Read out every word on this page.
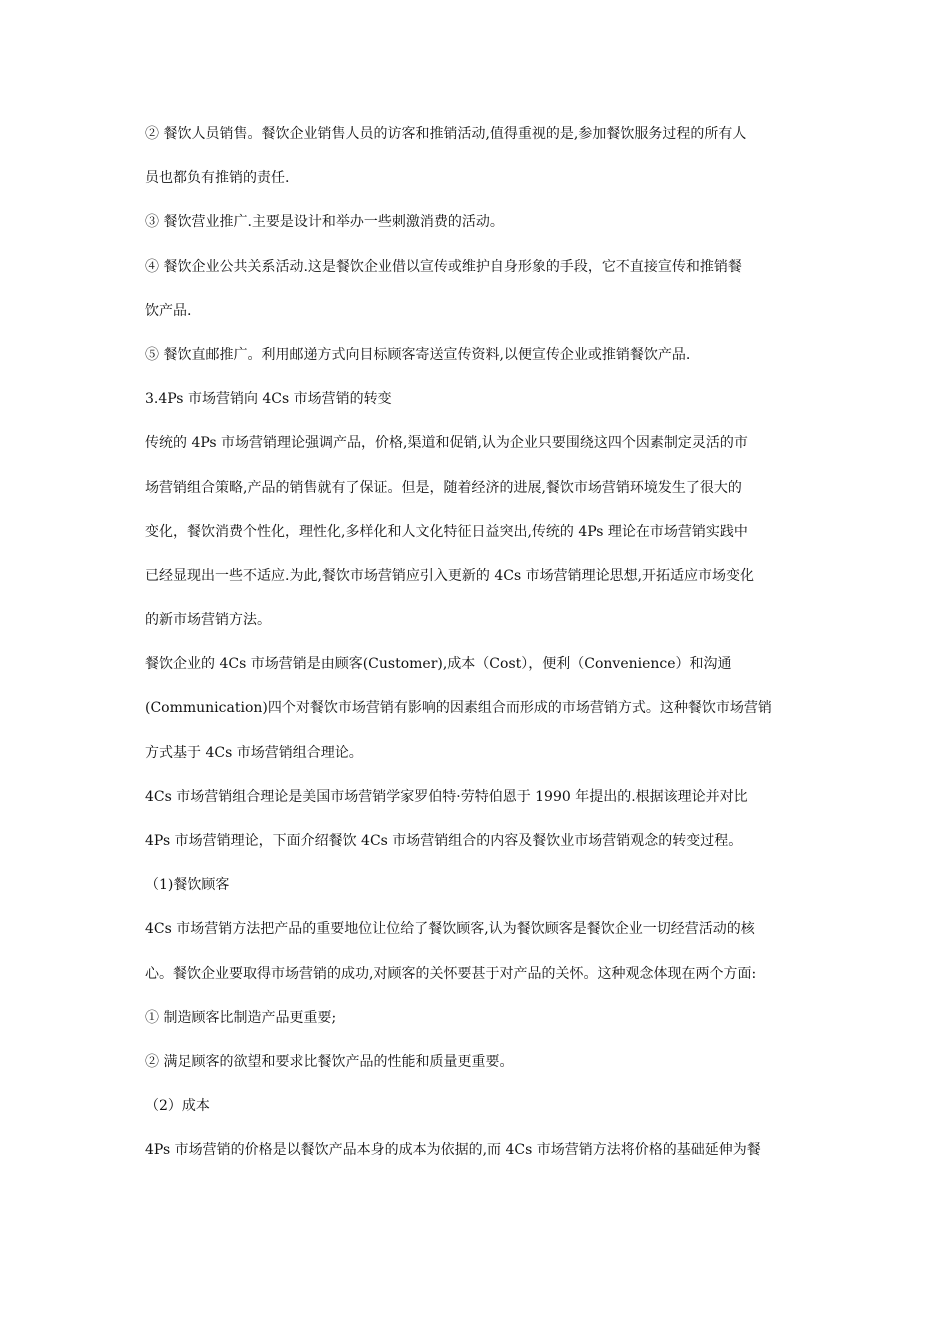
② 餐饮人员销售。餐饮企业销售人员的访客和推销活动,值得重视的是,参加餐饮服务过程的所有人

员也都负有推销的责任.

③ 餐饮营业推广.主要是设计和举办一些刺激消费的活动。

④ 餐饮企业公共关系活动.这是餐饮企业借以宣传或维护自身形象的手段，它不直接宣传和推销餐

饮产品.

⑤ 餐饮直邮推广。利用邮递方式向目标顾客寄送宣传资料,以便宣传企业或推销餐饮产品.

3.4Ps 市场营销向 4Cs 市场营销的转变

传统的 4Ps 市场营销理论强调产品，价格,渠道和促销,认为企业只要围绕这四个因素制定灵活的市

场营销组合策略,产品的销售就有了保证。但是，随着经济的进展,餐饮市场营销环境发生了很大的

变化，餐饮消费个性化，理性化,多样化和人文化特征日益突出,传统的 4Ps 理论在市场营销实践中

已经显现出一些不适应.为此,餐饮市场营销应引入更新的 4Cs 市场营销理论思想,开拓适应市场变化

的新市场营销方法。

餐饮企业的 4Cs 市场营销是由顾客(Customer),成本（Cost），便利（Convenience）和沟通

(Communication)四个对餐饮市场营销有影响的因素组合而形成的市场营销方式。这种餐饮市场营销

方式基于 4Cs 市场营销组合理论。

4Cs 市场营销组合理论是美国市场营销学家罗伯特·劳特伯恩于 1990 年提出的.根据该理论并对比

4Ps 市场营销理论，下面介绍餐饮 4Cs 市场营销组合的内容及餐饮业市场营销观念的转变过程。

（1)餐饮顾客

4Cs 市场营销方法把产品的重要地位让位给了餐饮顾客,认为餐饮顾客是餐饮企业一切经营活动的核

心。餐饮企业要取得市场营销的成功,对顾客的关怀要甚于对产品的关怀。这种观念体现在两个方面:

① 制造顾客比制造产品更重要;

② 满足顾客的欲望和要求比餐饮产品的性能和质量更重要。

（2）成本

4Ps 市场营销的价格是以餐饮产品本身的成本为依据的,而 4Cs 市场营销方法将价格的基础延伸为餐
